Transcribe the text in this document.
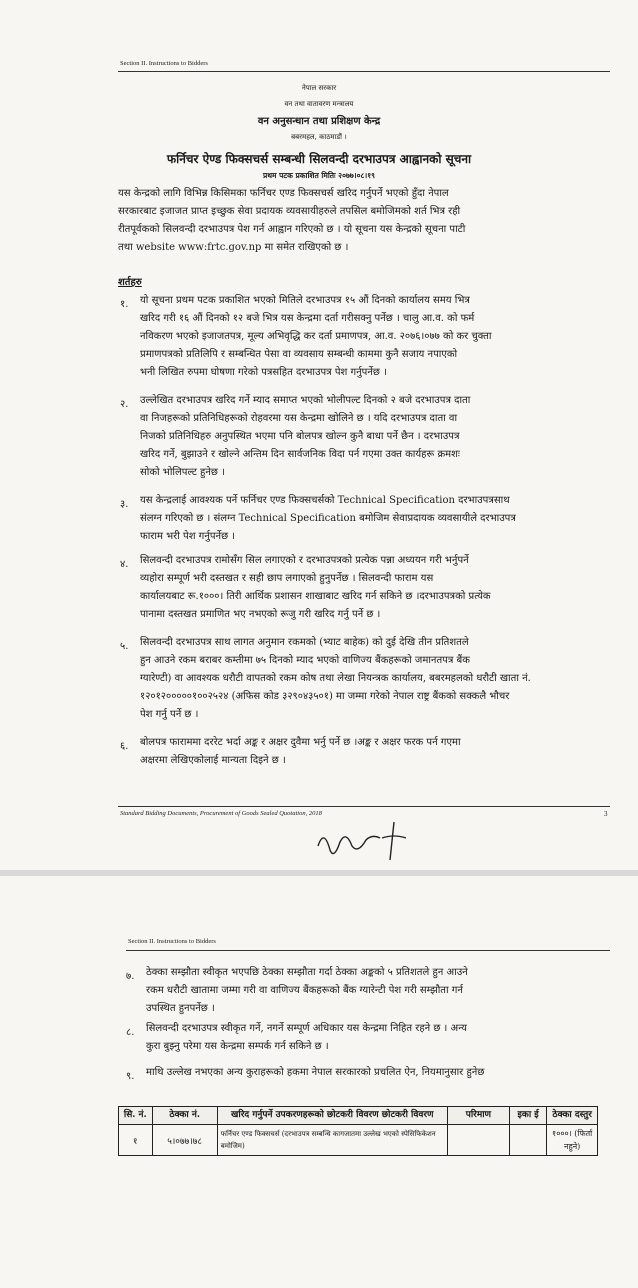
Section II. Instructions to Bidders
नेपाल सरकार
वन तथा वातावरण मन्त्रालय
वन अनुसन्धान तथा प्रशिक्षण केन्द्र
बबरमहल, काठमाडौं ।
फर्निचर ऐण्ड फिक्सचर्स सम्बन्धी सिलवन्दी दरभाउपत्र आह्वानको सूचना
प्रथम पटक प्रकाशित मितिः २०७७।०८।१९
यस केन्द्रको लागि विभिन्न किसिमका फर्निचर एण्ड फिक्सचर्स खरिद गर्नुपर्ने भएको हुँदा नेपाल
सरकारबाट इजाजत प्राप्त इच्छुक सेवा प्रदायक व्यवसायीहरुले तपसिल बमोजिमको शर्त भित्र रही
रीतपूर्वकको सिलवन्दी दरभाउपत्र पेश गर्न आह्वान गरिएको छ । यो सूचना यस केन्द्रको सूचना पाटी
तथा website www:frtc.gov.np मा समेत राखिएको छ ।
शर्तहरु
१. यो सूचना प्रथम पटक प्रकाशित भएको मितिले दरभाउपत्र १५ औं दिनको कार्यालय समय भित्र
खरिद गरी १६ औं दिनको १२ बजे भित्र यस केन्द्रमा दर्ता गरीसक्नु पर्नेछ । चालु आ.व. को फर्म
नविकरण भएको इजाजतपत्र, मूल्य अभिवृद्धि कर दर्ता प्रमाणपत्र, आ.व. २०७६।०७७ को कर चुक्ता
प्रमाणपत्रको प्रतिलिपि र सम्बन्धित पेसा वा व्यवसाय सम्बन्धी काममा कुनै सजाय नपाएको
भनी लिखित रुपमा घोषणा गरेको पत्रसहित दरभाउपत्र पेश गर्नुपर्नेछ ।
२. उल्लेखित दरभाउपत्र खरिद गर्ने म्याद समाप्त भएको भोलीपल्ट दिनको २ बजे दरभाउपत्र दाता
वा निजहरूको प्रतिनिधिहरूको रोहवरमा यस केन्द्रमा खोलिने छ । यदि दरभाउपत्र दाता वा
निजको प्रतिनिधिहरु अनुपस्थित भएमा पनि बोलपत्र खोल्न कुनै बाधा पर्ने छैन । दरभाउपत्र
खरिद गर्ने, बुझाउने र खोल्ने अन्तिम दिन सार्वजनिक विदा पर्न गएमा उक्त कार्यहरू क्रमशः
सोको भोलिपल्ट हुनेछ ।
३. यस केन्द्रलाई आवश्यक पर्ने फर्निचर एण्ड फिक्सचर्सको Technical Specification दरभाउपत्रसाथ
संलग्न गरिएको छ । संलग्न Technical Specification बमोजिम सेवाप्रदायक व्यवसायीले दरभाउपत्र
फाराम भरी पेश गर्नुपर्नेछ ।
४. सिलवन्दी दरभाउपत्र रामोसँग सिल लगाएको र दरभाउपत्रको प्रत्येक पन्ना अध्ययन गरी भर्नुपर्ने
व्यहोरा सम्पूर्ण भरी दस्तखत र सही छाप लगाएको हुनुपर्नेछ । सिलवन्दी फाराम यस
कार्यालयबाट रू.१०००। तिरी आर्थिक प्रशासन शाखाबाट खरिद गर्न सकिने छ ।दरभाउपत्रको प्रत्येक
पानामा दस्तखत प्रमाणित भए नभएको रूजु गरी खरिद गर्नु पर्ने छ ।
५. सिलवन्दी दरभाउपत्र साथ लागत अनुमान रकमको (भ्याट बाहेक) को दुई देखि तीन प्रतिशतले
हुन आउने रकम बराबर कम्तीमा ७५ दिनको म्याद भएको वाणिज्य बैंकहरूको जमानतपत्र बैंक
ग्यारेण्टी) वा आवश्यक धरौटी वापतको रकम कोष तथा लेखा नियन्त्रक कार्यालय, बबरमहलको धरौटी खाता नं.
१२०१२०००००१००२५२४ (अफिस कोड ३२९०४३५०१) मा जम्मा गरेको नेपाल राष्ट्र बैंकको सक्कलै भौचर
पेश गर्नु पर्ने छ ।
६. बोलपत्र फाराममा दररेट भर्दा अङ्क र अक्षर दुवैमा भर्नु पर्ने छ ।अङ्क र अक्षर फरक पर्न गएमा
अक्षरमा लेखिएकोलाई मान्यता दिइने छ ।
Standard Bidding Documents, Procurement of Goods Sealed Quotation, 2018	3
Section II. Instructions to Bidders
७. ठेक्का सम्झौता स्वीकृत भएपछि ठेक्का सम्झौता गर्दा ठेक्का अङ्कको ५ प्रतिशतले हुन आउने
रकम धरौटी खातामा जम्मा गरी वा वाणिज्य बैंकहरूको बैंक ग्यारेन्टी पेश गरी सम्झौता गर्न
उपस्थित हुनपर्नेछ ।
८. सिलवन्दी दरभाउपत्र स्वीकृत गर्ने, नगर्ने सम्पूर्ण अधिकार यस केन्द्रमा निहित रहने छ । अन्य
कुरा बुझ्नु परेमा यस केन्द्रमा सम्पर्क गर्न सकिने छ ।
९. माथि उल्लेख नभएका अन्य कुराहरूको हकमा नेपाल सरकारको प्रचलित ऐन, नियमानुसार हुनेछ
सि. नं.	ठेक्का नं.	खरिद गर्नुपर्ने उपकरणहरूको छोटकरी विवरण छोटकरी विवरण	परिमाण	इका ई	ठेक्का दस्तुर
१	५।०७७।७८	फर्निचर एण्ड फिक्सचर्स (दरभाउपत्र सम्बन्धि कागजातमा उल्लेख भएको स्पेसिफिकेशन बमोजिम)			१०००। (फिर्ता नहुने)
